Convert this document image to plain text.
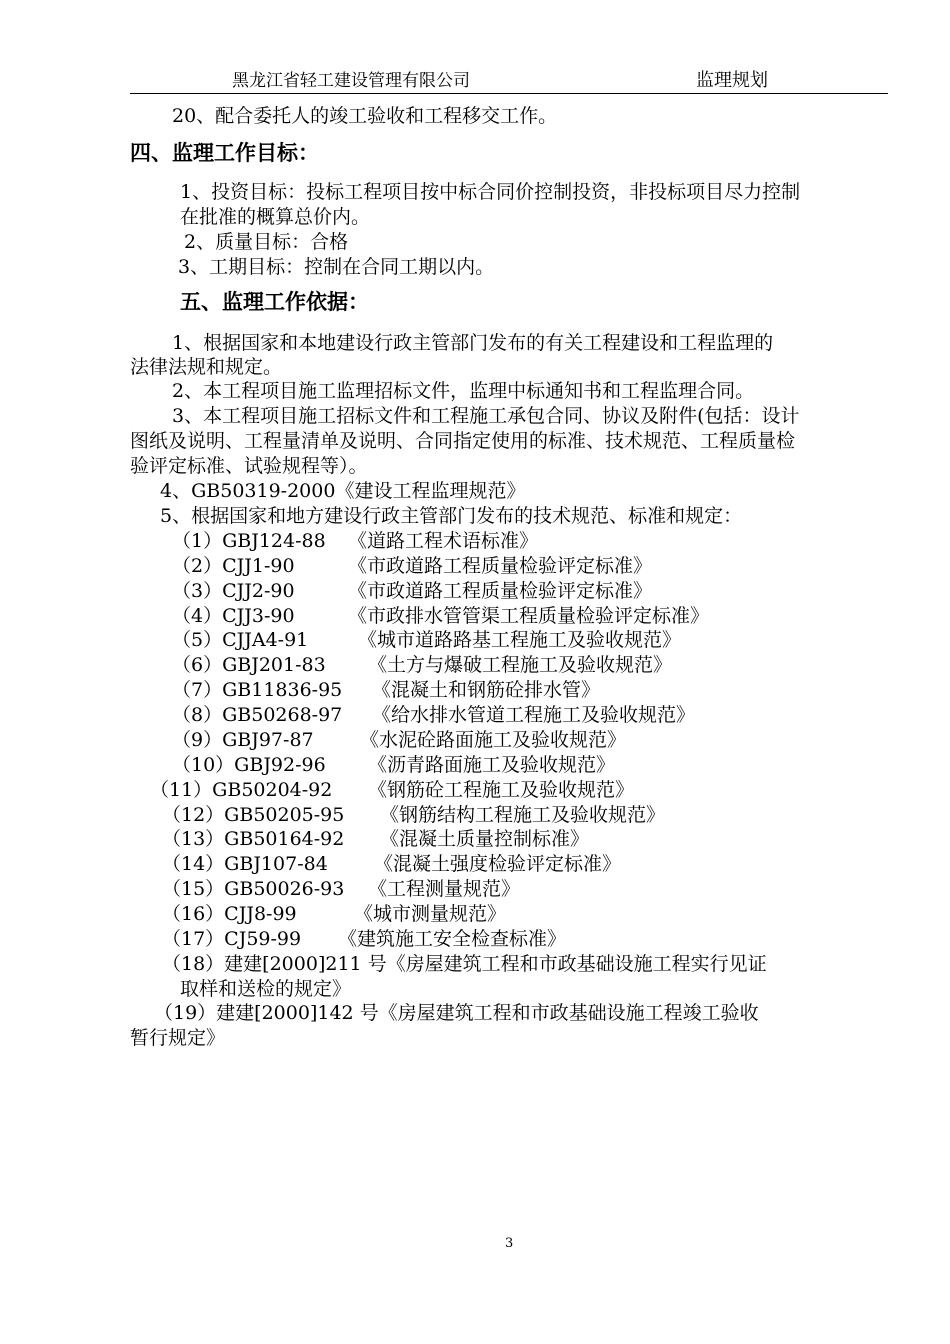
黑龙江省轻工建设管理有限公司	监理规划
20、配合委托人的竣工验收和工程移交工作。
四、监理工作目标：
1、投资目标：投标工程项目按中标合同价控制投资，非投标项目尽力控制
在批准的概算总价内。
2、质量目标：合格
3、工期目标：控制在合同工期以内。
五、监理工作依据：
1、根据国家和本地建设行政主管部门发布的有关工程建设和工程监理的
法律法规和规定。
2、本工程项目施工监理招标文件，监理中标通知书和工程监理合同。
3、本工程项目施工招标文件和工程施工承包合同、协议及附件(包括：设计
图纸及说明、工程量清单及说明、合同指定使用的标准、技术规范、工程质量检
验评定标准、试验规程等）。
4、GB50319-2000《建设工程监理规范》
5、根据国家和地方建设行政主管部门发布的技术规范、标准和规定：
（1）GBJ124-88 《道路工程术语标准》
（2）CJJ1-90	《市政道路工程质量检验评定标准》
（3）CJJ2-90	《市政道路工程质量检验评定标准》
（4）CJJ3-90	《市政排水管管渠工程质量检验评定标准》
（5）CJJA4-91	《城市道路路基工程施工及验收规范》
（6）GBJ201-83 《土方与爆破工程施工及验收规范》
（7）GB11836-95 《混凝土和钢筋砼排水管》
（8）GB50268-97 《给水排水管道工程施工及验收规范》
（9）GBJ97-87 《水泥砼路面施工及验收规范》
（10）GBJ92-96 《沥青路面施工及验收规范》
（11）GB50204-92 《钢筋砼工程施工及验收规范》
（12）GB50205-95 《钢筋结构工程施工及验收规范》
（13）GB50164-92 《混凝土质量控制标准》
（14）GBJ107-84 《混凝土强度检验评定标准》
（15）GB50026-93 《工程测量规范》
（16）CJJ8-99	《城市测量规范》
（17）CJ59-99 《建筑施工安全检查标准》
（18）建建[2000]211 号《房屋建筑工程和市政基础设施工程实行见证
取样和送检的规定》
（19）建建[2000]142 号《房屋建筑工程和市政基础设施工程竣工验收
暂行规定》
3
